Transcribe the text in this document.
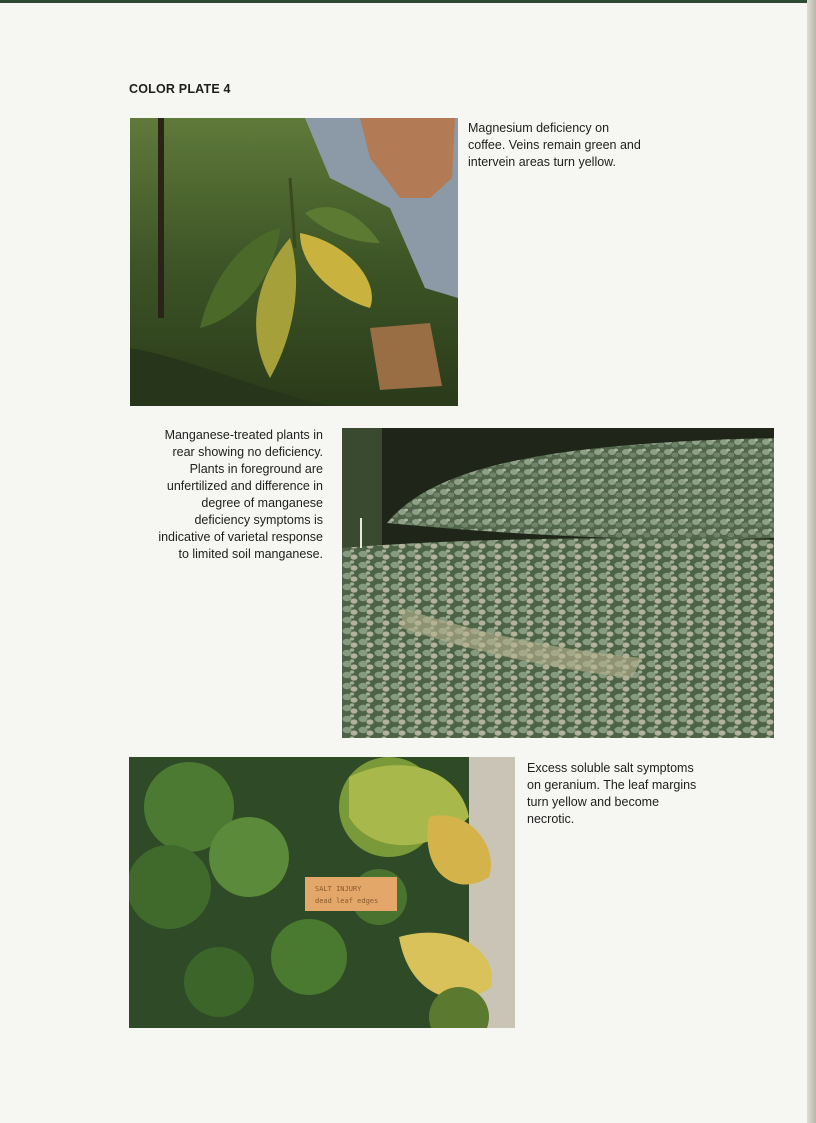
COLOR PLATE 4
Magnesium deficiency on
coffee. Veins remain green and
intervein areas turn yellow.
Manganese-treated plants in
rear showing no deficiency.
Plants in foreground are
unfertilized and difference in
degree of manganese
deficiency symptoms is
indicative of varietal response
to limited soil manganese.
SALT INJURY
dead leaf edges
Excess soluble salt symptoms
on geranium. The leaf margins
turn yellow and become
necrotic.
